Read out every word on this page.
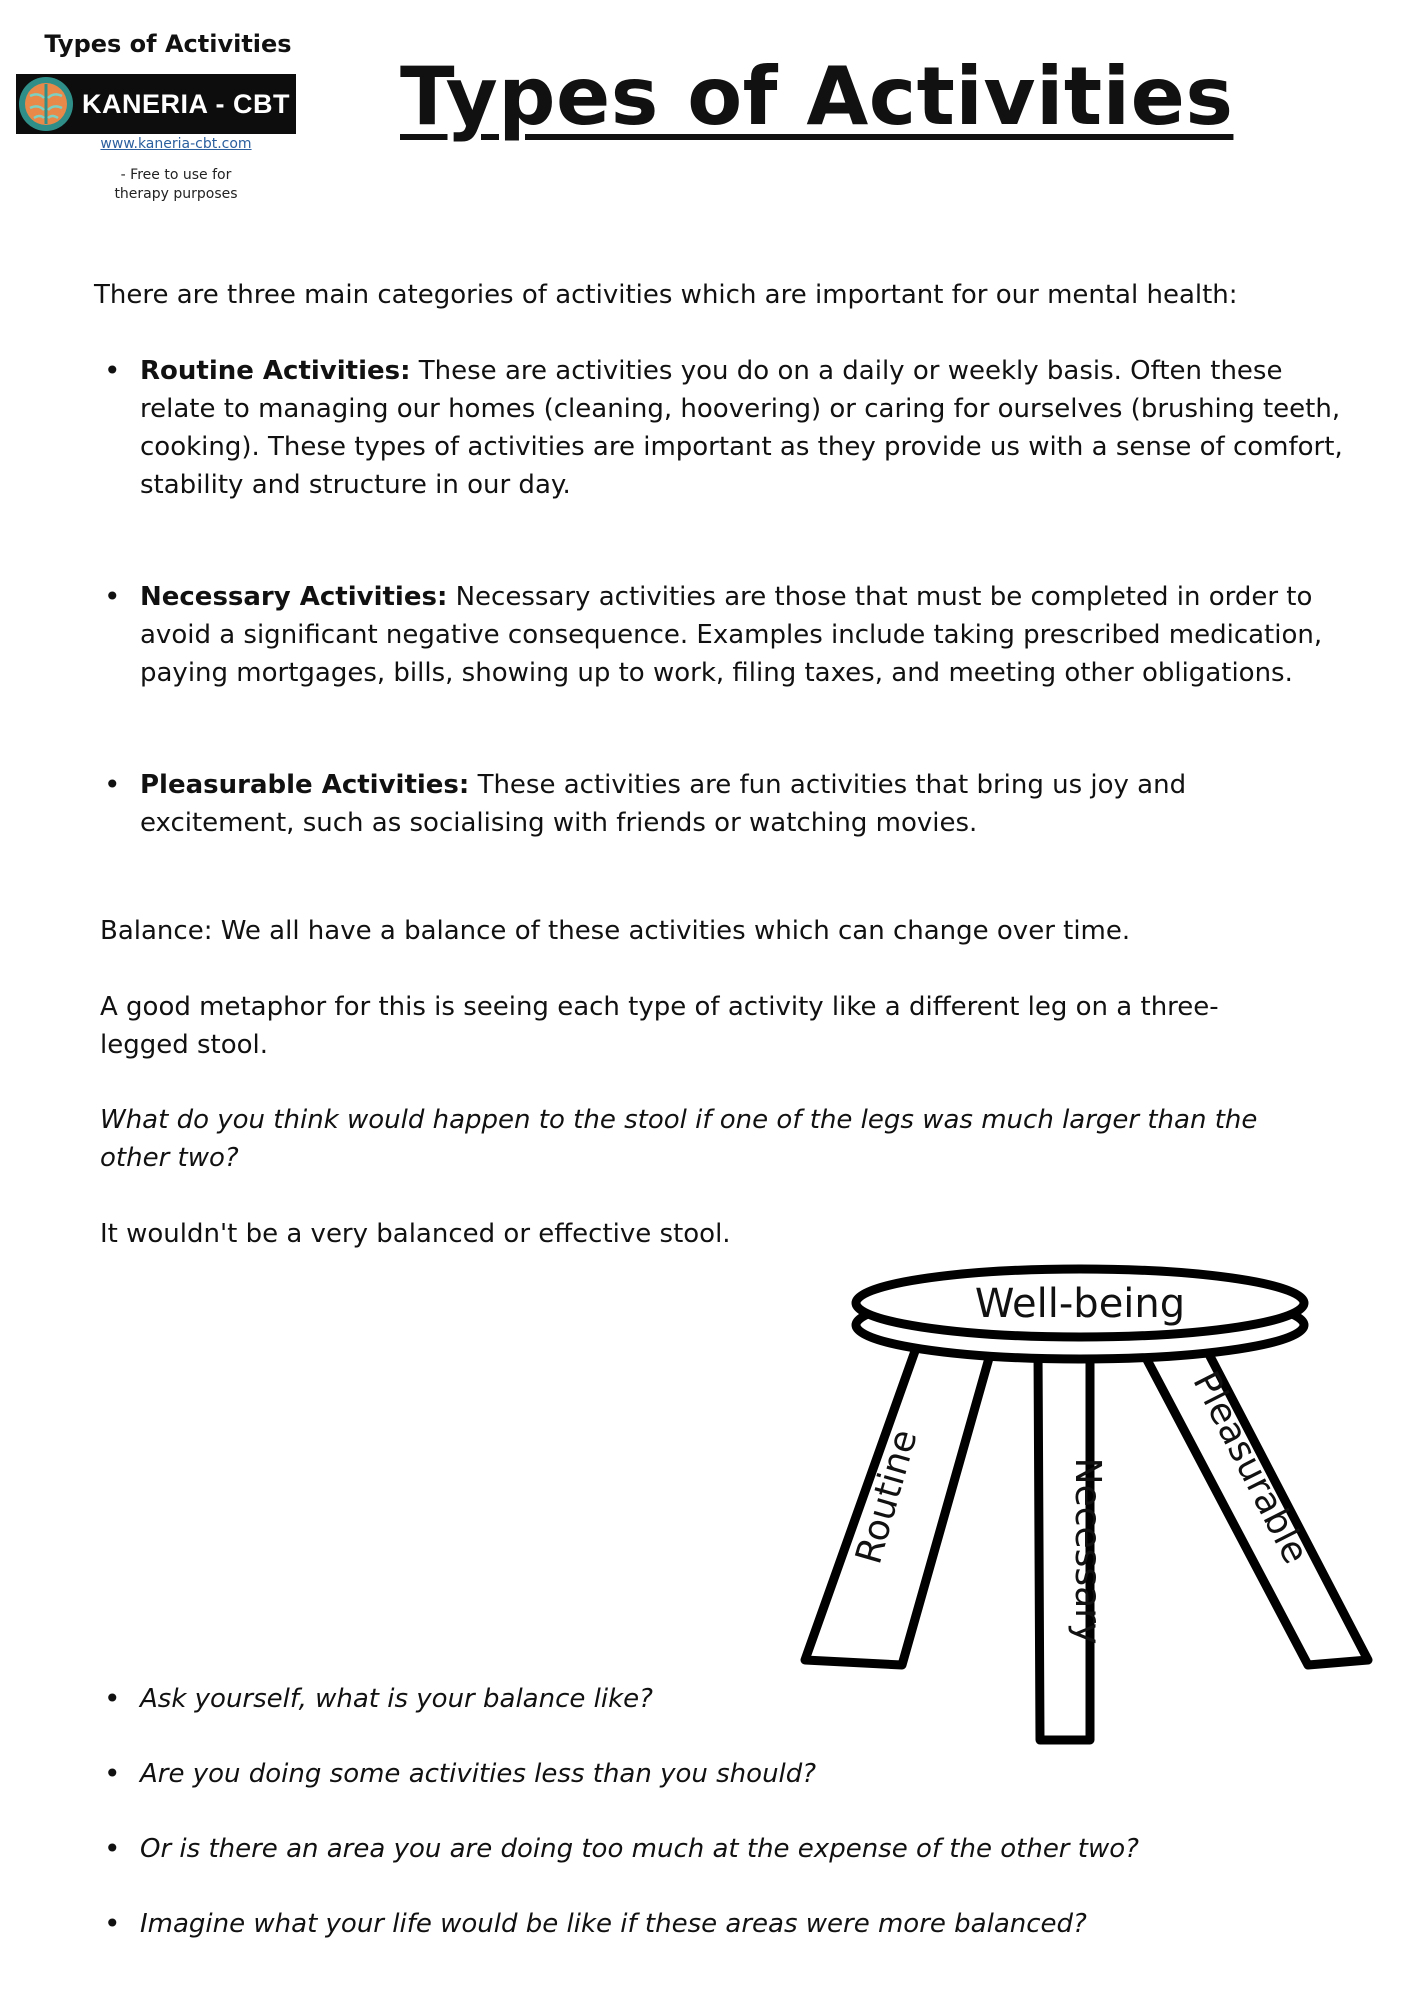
Types of Activities
KANERIA - CBT
www.kaneria-cbt.com
- Free to use for therapy purposes
Types of Activities
There are three main categories of activities which are important for our mental health:
• Routine Activities: These are activities you do on a daily or weekly basis. Often these relate to managing our homes (cleaning, hoovering) or caring for ourselves (brushing teeth, cooking). These types of activities are important as they provide us with a sense of comfort, stability and structure in our day.
• Necessary Activities: Necessary activities are those that must be completed in order to avoid a significant negative consequence. Examples include taking prescribed medication, paying mortgages, bills, showing up to work, filing taxes, and meeting other obligations.
• Pleasurable Activities: These activities are fun activities that bring us joy and excitement, such as socialising with friends or watching movies.
Balance: We all have a balance of these activities which can change over time.
A good metaphor for this is seeing each type of activity like a different leg on a three-legged stool.
What do you think would happen to the stool if one of the legs was much larger than the other two?
It wouldn't be a very balanced or effective stool.
Well-being
Routine	Necessary Pleasurable
• Ask yourself, what is your balance like?
• Are you doing some activities less than you should?
• Or is there an area you are doing too much at the expense of the other two?
• Imagine what your life would be like if these areas were more balanced?
